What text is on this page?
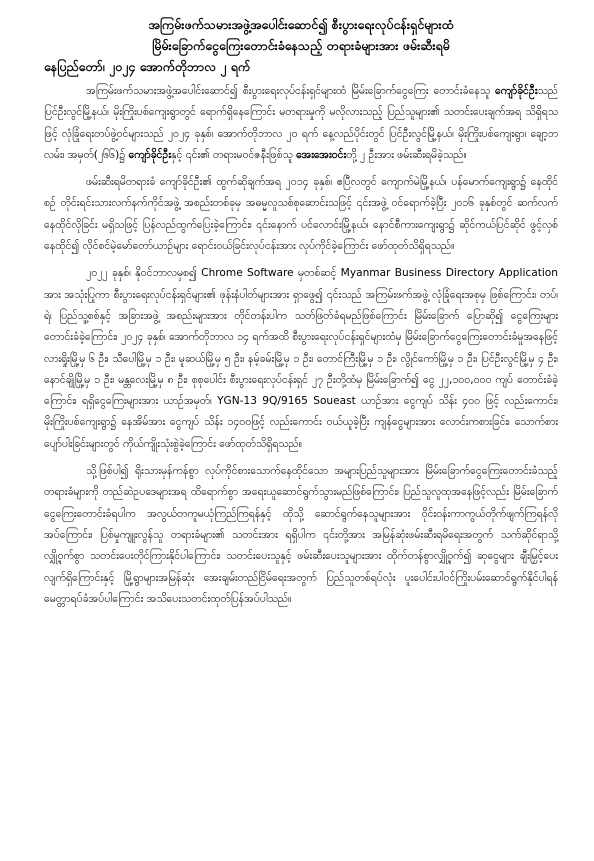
အကြမ်းဖက်သမားအဖွဲ့အပေါင်းဆောင်၍ စီးပွားရေးလုပ်ငန်းရှင်များထံ

မြိမ်းခြောက်ငွေကြေးတောင်းခံနေသည့် တရားခံများအား ဖမ်းဆီးရမိ

နေပြည်တော်၊ ၂၀၂၄ အောက်တိုဘာလ ၂ ရက်

အကြမ်းဖက်သမားအဖွဲ့အပေါင်းဆောင်၍ စီးပွားရေးလုပ်ငန်းရှင်များထံ မြိမ်းခြောက်ငွေကြေး တောင်းခံနေသူ ကျော်ခိုင်ဦးသည် ပြင်ဦးလွင်မြို့နယ်၊ မိုးကြိုးပစ်ကျေးရွာတွင် ရောက်ရှိနေကြောင်း မတရားမှုကို မလိုလားသည့် ပြည်သူများ၏ သတင်းပေးချက်အရ သိရှိရသဖြင့် လုံခြုံရေးတပ်ဖွဲ့ဝင်များသည် ၂၀၂၄ ခုနှစ်၊ အောက်တိုဘာလ ၂၀ ရက် နေ့လည်ပိုင်းတွင် ပြင်ဦးလွင်မြို့နယ်၊ မိုးကြိုးပစ်ကျေးရွာ၊ ချော့ဘလမ်း၊ အမှတ်(၂၆၆)၌ ကျော်ခိုင်ဦးနှင့် ၎င်း၏ တရားမဝင်ဇနီးဖြစ်သူ အေးအေးဝင်းတို့ ၂ ဦးအား ဖမ်းဆီးရမိခဲ့သည်။

ဖမ်းဆီးရမိတရားခံ ကျော်ခိုင်ဦး၏ ထွက်ဆိုချက်အရ ၂၀၁၄ ခုနှစ်၊ ဧပြီလတွင် ကျောက်မဲမြို့နယ်၊ ပန်မောက်ကျေးရွာ၌ နေထိုင်စဉ် တိုင်းရင်းသားလက်နက်ကိုင်အဖွဲ့ အစည်းတစ်ခုမှ အဓမ္မလူသစ်စုဆောင်းသဖြင့် ၎င်းအဖွဲ့ ဝင်ရောက်ခဲ့ပြီး ၂၀၁၆ ခုနှစ်တွင် ဆက်လက်နေထိုင်လိုခြင်း မရှိသဖြင့် ပြန်လည်ထွက်ပြေးခဲ့ကြောင်း၊ ၎င်းနောက် ပင်လောင်းမြို့နယ်၊ နောင်စီကားကျေးရွာ၌ ဆိုင်ကယ်ပြင်ဆိုင် ဖွင့်လှစ်နေထိုင်၍ လိုင်စင်မဲ့မော်တော်ယာဉ်များ ရောင်းဝယ်ခြင်းလုပ်ငန်းအား လုပ်ကိုင်ခဲ့ကြောင်း ဖော်ထုတ်သိရှိရသည်။

၂၀၂၂ ခုနှစ်၊ နိုဝင်ဘာလမှစ၍ Chrome Software မှတစ်ဆင့် Myanmar Business Directory Application အား အသုံးပြုကာ စီးပွားရေးလုပ်ငန်းရှင်များ၏ ဖုန်းနံပါတ်များအား ရှာဖွေ၍ ၎င်းသည် အကြမ်းဖက်အဖွဲ့ လုံခြုံရေးအစုမှ ဖြစ်ကြောင်း၊ တပ်၊ ရဲ၊ ပြည်သူ့စစ်နှင့် အခြားအဖွဲ့ အစည်းများအား တိုင်တန်းပါက သတ်ဖြတ်ခံရမည်ဖြစ်ကြောင်း မြိမ်းခြောက် ပြောဆို၍ ငွေကြေးများ တောင်းခံခဲ့ကြောင်း၊ ၂၀၂၄ ခုနှစ်၊ အောက်တိုဘာလ ၁၄ ရက်အထိ စီးပွားရေးလုပ်ငန်းရှင်များထံမှ မြိမ်းခြောက်ငွေကြေးတောင်းခံမှုအနေဖြင့် လားရှိုးမြို့မှ ၆ ဦး၊ သီပေါမြို့မှ ၁ ဦး၊ မူဆယ်မြို့မှ ၅ ဦး၊ နမ့်ခမ်းမြို့မှ ၁ ဦး၊ တောင်ကြီးမြို့မှ ၁ ဦး၊ လွိုင်ကော်မြို့မှ ၁ ဦး၊ ပြင်ဦးလွင်မြို့မှ ၄ ဦး၊ နောင်ချိုမြို့မှ ၁ ဦး၊ မန္တလေးမြို့မှ ၈ ဦး၊ စုစုပေါင်း စီးပွားရေးလုပ်ငန်းရှင် ၂၇ ဦးတို့ထံမှ မြိမ်းခြောက်၍ ငွေ ၂၂,၁၀၀,၀၀၀ ကျပ် တောင်းခံခဲ့ကြောင်း၊ ရရှိငွေကြေးများအား ယာဉ်အမှတ်၊ YGN-13 9Q/9165 Soueast ယာဉ်အား ငွေကျပ် သိန်း ၄၀၀ ဖြင့် လည်းကောင်း၊ မိုးကြိုးပစ်ကျေးရွာ၌ နေအိမ်အား ငွေကျပ် သိန်း ၁၄၀၀ဖြင့် လည်းကောင်း ဝယ်ယူခဲ့ပြီး ကျန်ငွေများအား လောင်းကစားခြင်း၊ သောက်စားပျော်ပါးခြင်းများတွင် ကိုယ်ကျိုးသုံးစွဲခဲ့ကြောင်း ဖော်ထုတ်သိရှိရသည်။

သို့ဖြစ်ပါ၍ ရိုးသားမှန်ကန်စွာ လုပ်ကိုင်စားသောက်နေထိုင်သော အများပြည်သူများအား မြိမ်းခြောက်ငွေကြေးတောင်းခံသည့် တရားခံများကို တည်ဆဲဥပဒေများအရ ထိရောက်စွာ အရေးယူဆောင်ရွက်သွားမည်ဖြစ်ကြောင်း၊ ပြည်သူလူထုအနေဖြင့်လည်း မြိမ်းခြောက်ငွေကြေးတောင်းခံရပါက အလွယ်တကူမယုံကြည်ကြရန်နှင့် ထိုသို့ ဆောင်ရွက်နေသူများအား ဝိုင်းဝန်းကာကွယ်တိုက်ဖျက်ကြရန်လိုအပ်ကြောင်း၊ ပြစ်မှုကျူးလွန်သူ တရားခံများ၏ သတင်းအား ရရှိပါက ၎င်းတို့အား အမြန်ဆုံးဖမ်းဆီးရမိရေးအတွက် သက်ဆိုင်ရာသို့ လျှို့ဝှက်စွာ သတင်းပေးတိုင်ကြားနိုင်ပါကြောင်း၊ သတင်းပေးသူနှင့် ဖမ်းဆီးပေးသူများအား ထိုက်တန်စွာလျှို့ဝှက်၍ ဆုငွေများ ချီးမြှင့်ပေးလျက်ရှိကြောင်းနှင့် မြို့ရွာများအမြန်ဆုံး အေးချမ်းတည်ငြိမ်ရေးအတွက် ပြည်သူတစ်ရပ်လုံး ပူးပေါင်းပါဝင်ကြိုးပမ်းဆောင်ရွက်နိုင်ပါရန် မေတ္တာရပ်ခံအပ်ပါကြောင်း အသိပေးသတင်းထုတ်ပြန်အပ်ပါသည်။
